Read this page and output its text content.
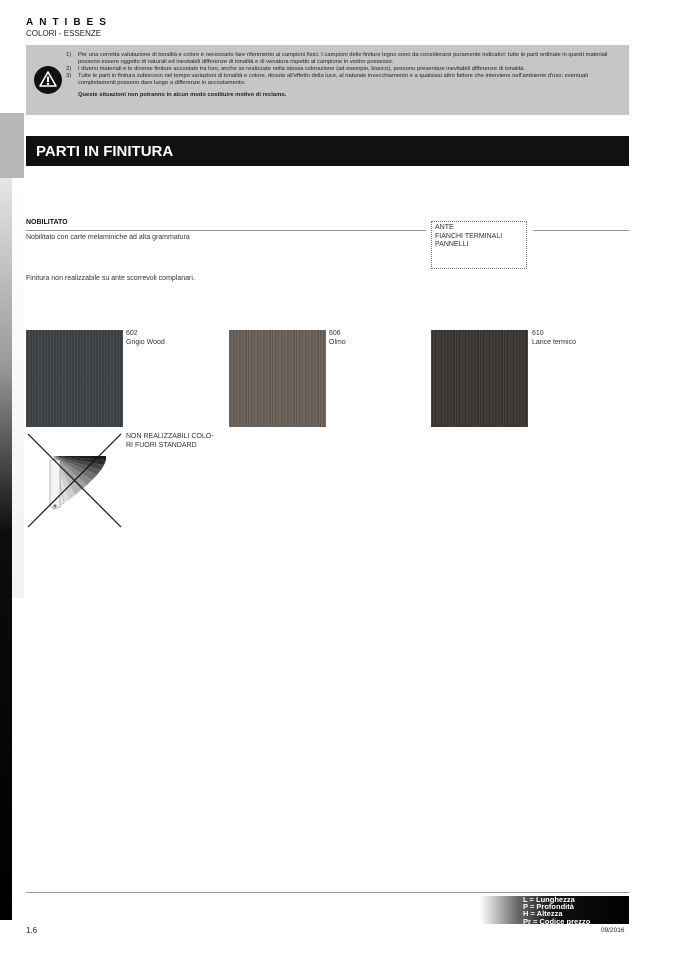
ANTIBES
COLORI - ESSENZE
1)	Per una corretta valutazione di tonalità e colore è necessario fare riferimento ai campioni fisici. I campioni delle finiture legno sono da considerarsi puramente indicativi: tutte le parti ordinate in questi materiali possono essere oggetto di naturali ed inevitabili differenze di tonalità e di venatura rispetto al campione in vostro possesso.
2)	I diversi materiali e le diverse finiture accostate tra loro, anche se realizzate nella stessa colorazione (ad esempio, bianco), possono presentare inevitabili differenze di tonalità.
3)	Tutte le parti in finitura subiscono nel tempo variazioni di tonalità e colore, dovute all'effetto della luce, al naturale invecchiamento e a qualsiasi altro fattore che interviene nell'ambiente d'uso: eventuali completamenti possono dare luogo a differenze in accostamento.
Queste situazioni non potranno in alcun modo costituire motivo di reclamo.
PARTI IN FINITURA
NOBILITATO
Nobilitato con carte melaminiche ad alta grammatura
ANTE
FIANCHI TERMINALI
PANNELLI
Finitura non realizzabile su ante scorrevoli complanari.
602
Grigio Wood
606
Olmo
610
Larice termico
NON REALIZZABILI COLO-
RI FUORI STANDARD
L = Lunghezza
P = Profondità
H = Altezza
Pr = Codice prezzo
1.6	09/2016
